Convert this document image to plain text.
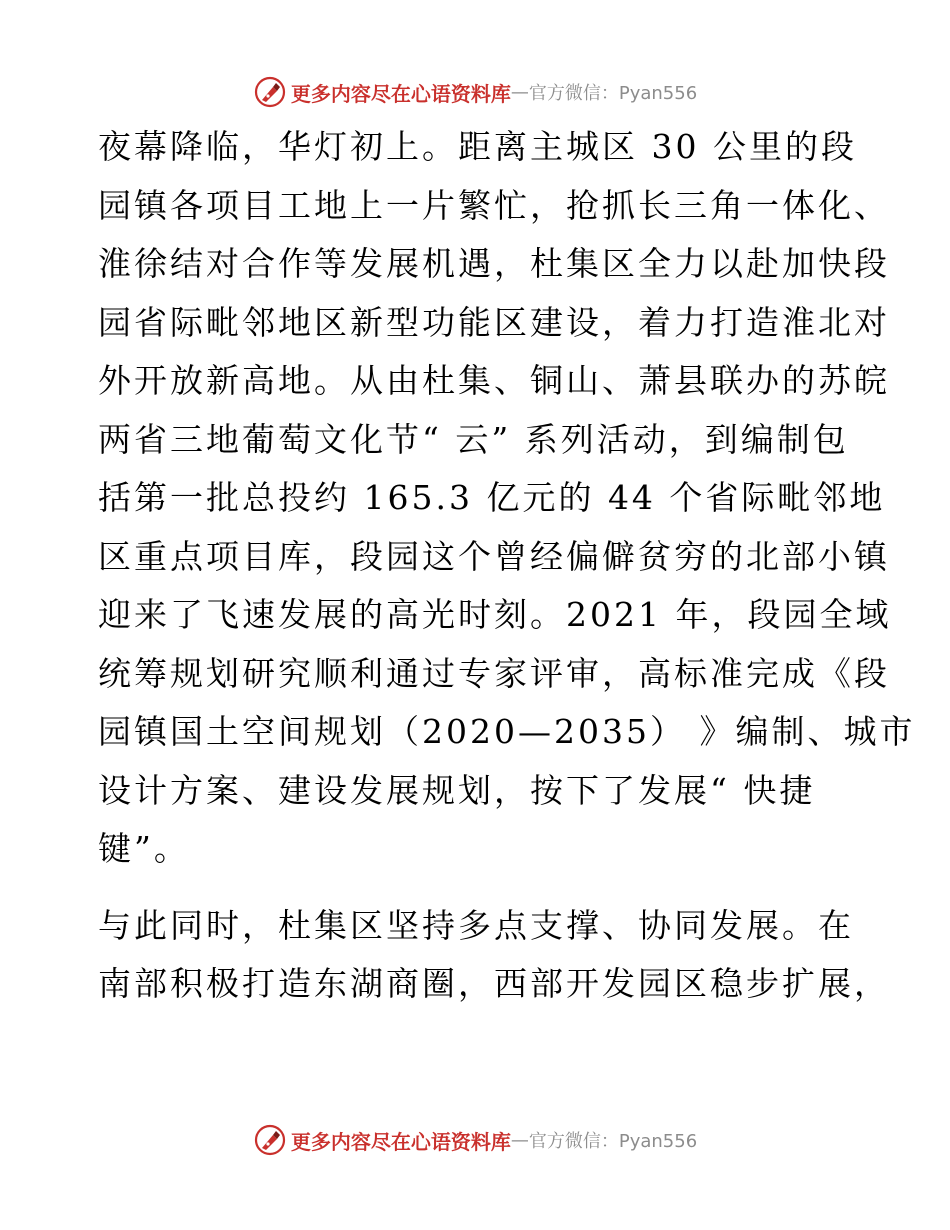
更多内容尽在心语资料库 — 官方微信：Pyan556

夜幕降临，华灯初上。距离主城区 30 公里的段
园镇各项目工地上一片繁忙，抢抓长三角一体化、
淮徐结对合作等发展机遇，杜集区全力以赴加快段
园省际毗邻地区新型功能区建设，着力打造淮北对
外开放新高地。从由杜集、铜山、萧县联办的苏皖
两省三地葡萄文化节“ 云” 系列活动，到编制包
括第一批总投约 165.3 亿元的 44 个省际毗邻地
区重点项目库，段园这个曾经偏僻贫穷的北部小镇
迎来了飞速发展的高光时刻。2021 年，段园全域
统筹规划研究顺利通过专家评审，高标准完成《段
园镇国土空间规划（2020—2035） 》编制、城市
设计方案、建设发展规划，按下了发展“ 快捷
键”。

与此同时，杜集区坚持多点支撑、协同发展。在
南部积极打造东湖商圈，西部开发园区稳步扩展，

更多内容尽在心语资料库 — 官方微信：Pyan556
